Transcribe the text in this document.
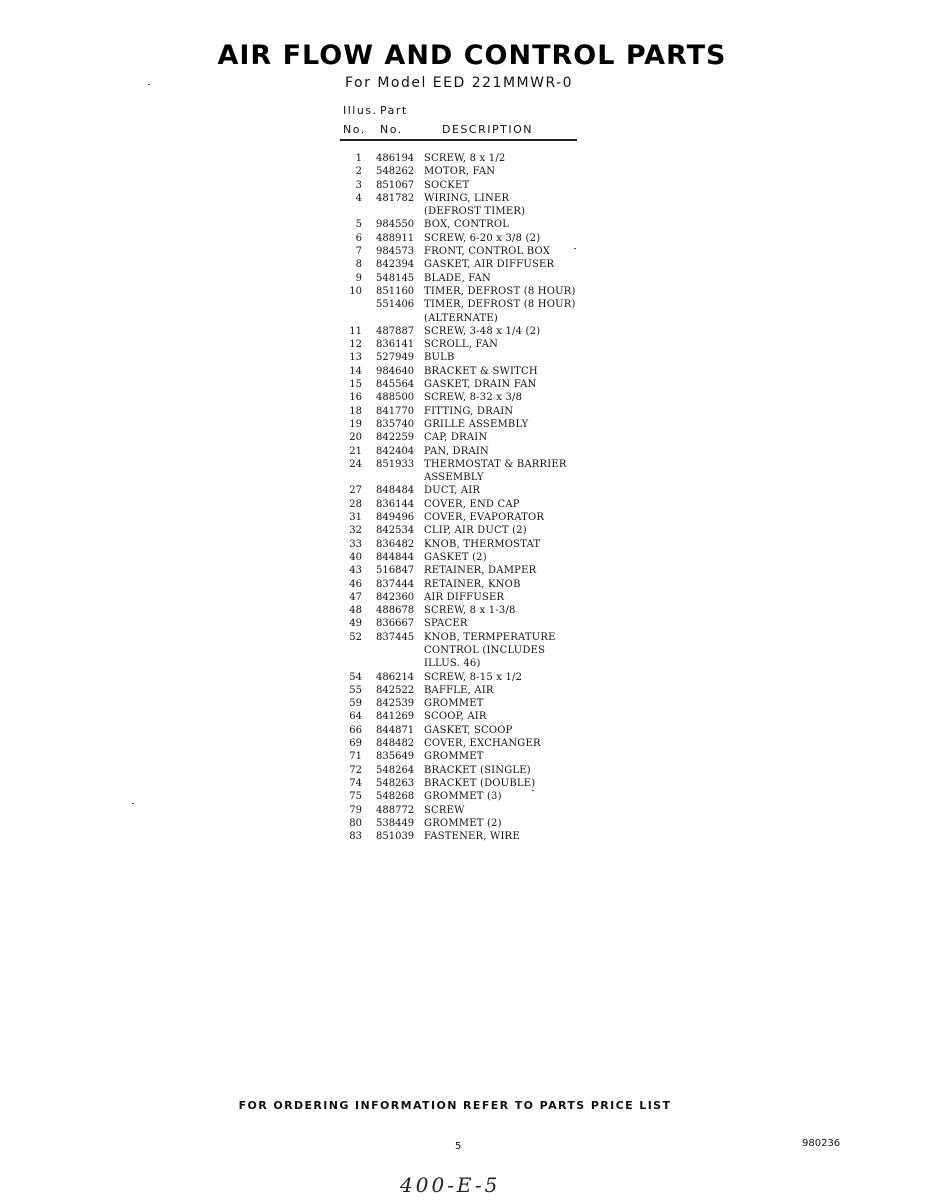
AIR FLOW AND CONTROL PARTS
For Model EED 221MMWR-0
Illus. Part
No. No.	DESCRIPTION
1	486194 SCREW, 8 x 1/2
2	548262 MOTOR, FAN
3	851067 SOCKET
4	481782 WIRING, LINER
(DEFROST TIMER)
5	984550 BOX, CONTROL
6	488911 SCREW, 6-20 x 3/8 (2)
7	984573 FRONT, CONTROL BOX
8	842394 GASKET, AIR DIFFUSER
9	548145 BLADE, FAN
10	851160 TIMER, DEFROST (8 HOUR)
551406 TIMER, DEFROST (8 HOUR)
(ALTERNATE)
11	487887 SCREW, 3-48 x 1/4 (2)
12	836141 SCROLL, FAN
13	527949 BULB
14	984640 BRACKET & SWITCH
15	845564 GASKET, DRAIN FAN
16	488500 SCREW, 8-32 x 3/8
18	841770 FITTING, DRAIN
19	835740 GRILLE ASSEMBLY
20	842259 CAP, DRAIN
21	842404 PAN, DRAIN
24	851933 THERMOSTAT & BARRIER
ASSEMBLY
27	848484 DUCT, AIR
28	836144 COVER, END CAP
31	849496 COVER, EVAPORATOR
32	842534 CLIP, AIR DUCT (2)
33	836482 KNOB, THERMOSTAT
40	844844 GASKET (2)
43	516847 RETAINER, DAMPER
46	837444 RETAINER, KNOB
47	842360 AIR DIFFUSER
48	488678 SCREW, 8 x 1-3/8
49	836667 SPACER
52	837445 KNOB, TERMPERATURE
CONTROL (INCLUDES
ILLUS. 46)
54	486214 SCREW, 8-15 x 1/2
55	842522 BAFFLE, AIR
59	842539 GROMMET
64	841269 SCOOP, AIR
66	844871 GASKET, SCOOP
69	848482 COVER, EXCHANGER
71	835649 GROMMET
72	548264 BRACKET (SINGLE)
74	548263 BRACKET (DOUBLE)
75	548268 GROMMET (3)
79	488772 SCREW
80	538449 GROMMET (2)
83	851039 FASTENER, WIRE
FOR ORDERING INFORMATION REFER TO PARTS PRICE LIST
5	980236
400-E-5
